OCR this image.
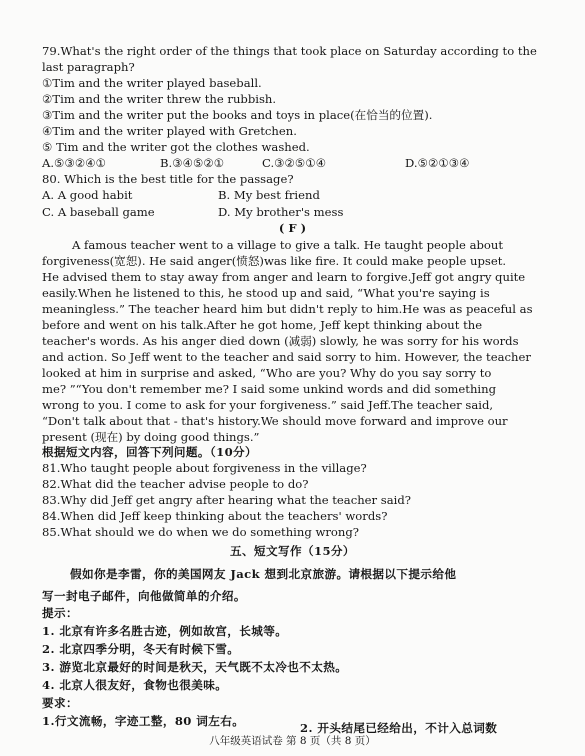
79.What's the right order of the things that took place on Saturday according to the
last paragraph?
①Tim and the writer played baseball.
②Tim and the writer threw the rubbish.
③Tim and the writer put the books and toys in place(在恰当的位置).
④Tim and the writer played with Gretchen.
⑤ Tim and the writer got the clothes washed.
A.⑤③②④①	B.③④⑤②①	C.③②⑤①④	D.⑤②①③④
80. Which is the best title for the passage?
A. A good habit	B. My best friend
C. A baseball game	D. My brother's mess
( F )
A famous teacher went to a village to give a talk. He taught people about
forgiveness(宽恕). He said anger(愤怒)was like fire. It could make people upset.
He advised them to stay away from anger and learn to forgive.Jeff got angry quite
easily.When he listened to this, he stood up and said, “What you're saying is
meaningless.” The teacher heard him but didn't reply to him.He was as peaceful as
before and went on his talk.After he got home, Jeff kept thinking about the
teacher's words. As his anger died down (减弱) slowly, he was sorry for his words
and action. So Jeff went to the teacher and said sorry to him. However, the teacher
looked at him in surprise and asked, “Who are you? Why do you say sorry to
me? ”“You don't remember me? I said some unkind words and did something
wrong to you. I come to ask for your forgiveness.” said Jeff.The teacher said,
“Don't talk about that - that's history.We should move forward and improve our
present (现在) by doing good things.”
根据短文内容，回答下列问题。（10分）
81.Who taught people about forgiveness in the village?
82.What did the teacher advise people to do?
83.Why did Jeff get angry after hearing what the teacher said?
84.When did Jeff keep thinking about the teachers' words?
85.What should we do when we do something wrong?
五、短文写作（15分）
假如你是李雷，你的美国网友 Jack 想到北京旅游。请根据以下提示给他
写一封电子邮件，向他做简单的介绍。
提示：
1. 北京有许多名胜古迹，例如故宫，长城等。
2. 北京四季分明，冬天有时候下雪。
3. 游览北京最好的时间是秋天，天气既不太冷也不太热。
4. 北京人很友好，食物也很美味。
八年级英语试卷 第 8 页（共 8 页）
要求：
1.行文流畅，字迹工整，80 词左右。	2. 开头结尾已经给出，不计入总词数
